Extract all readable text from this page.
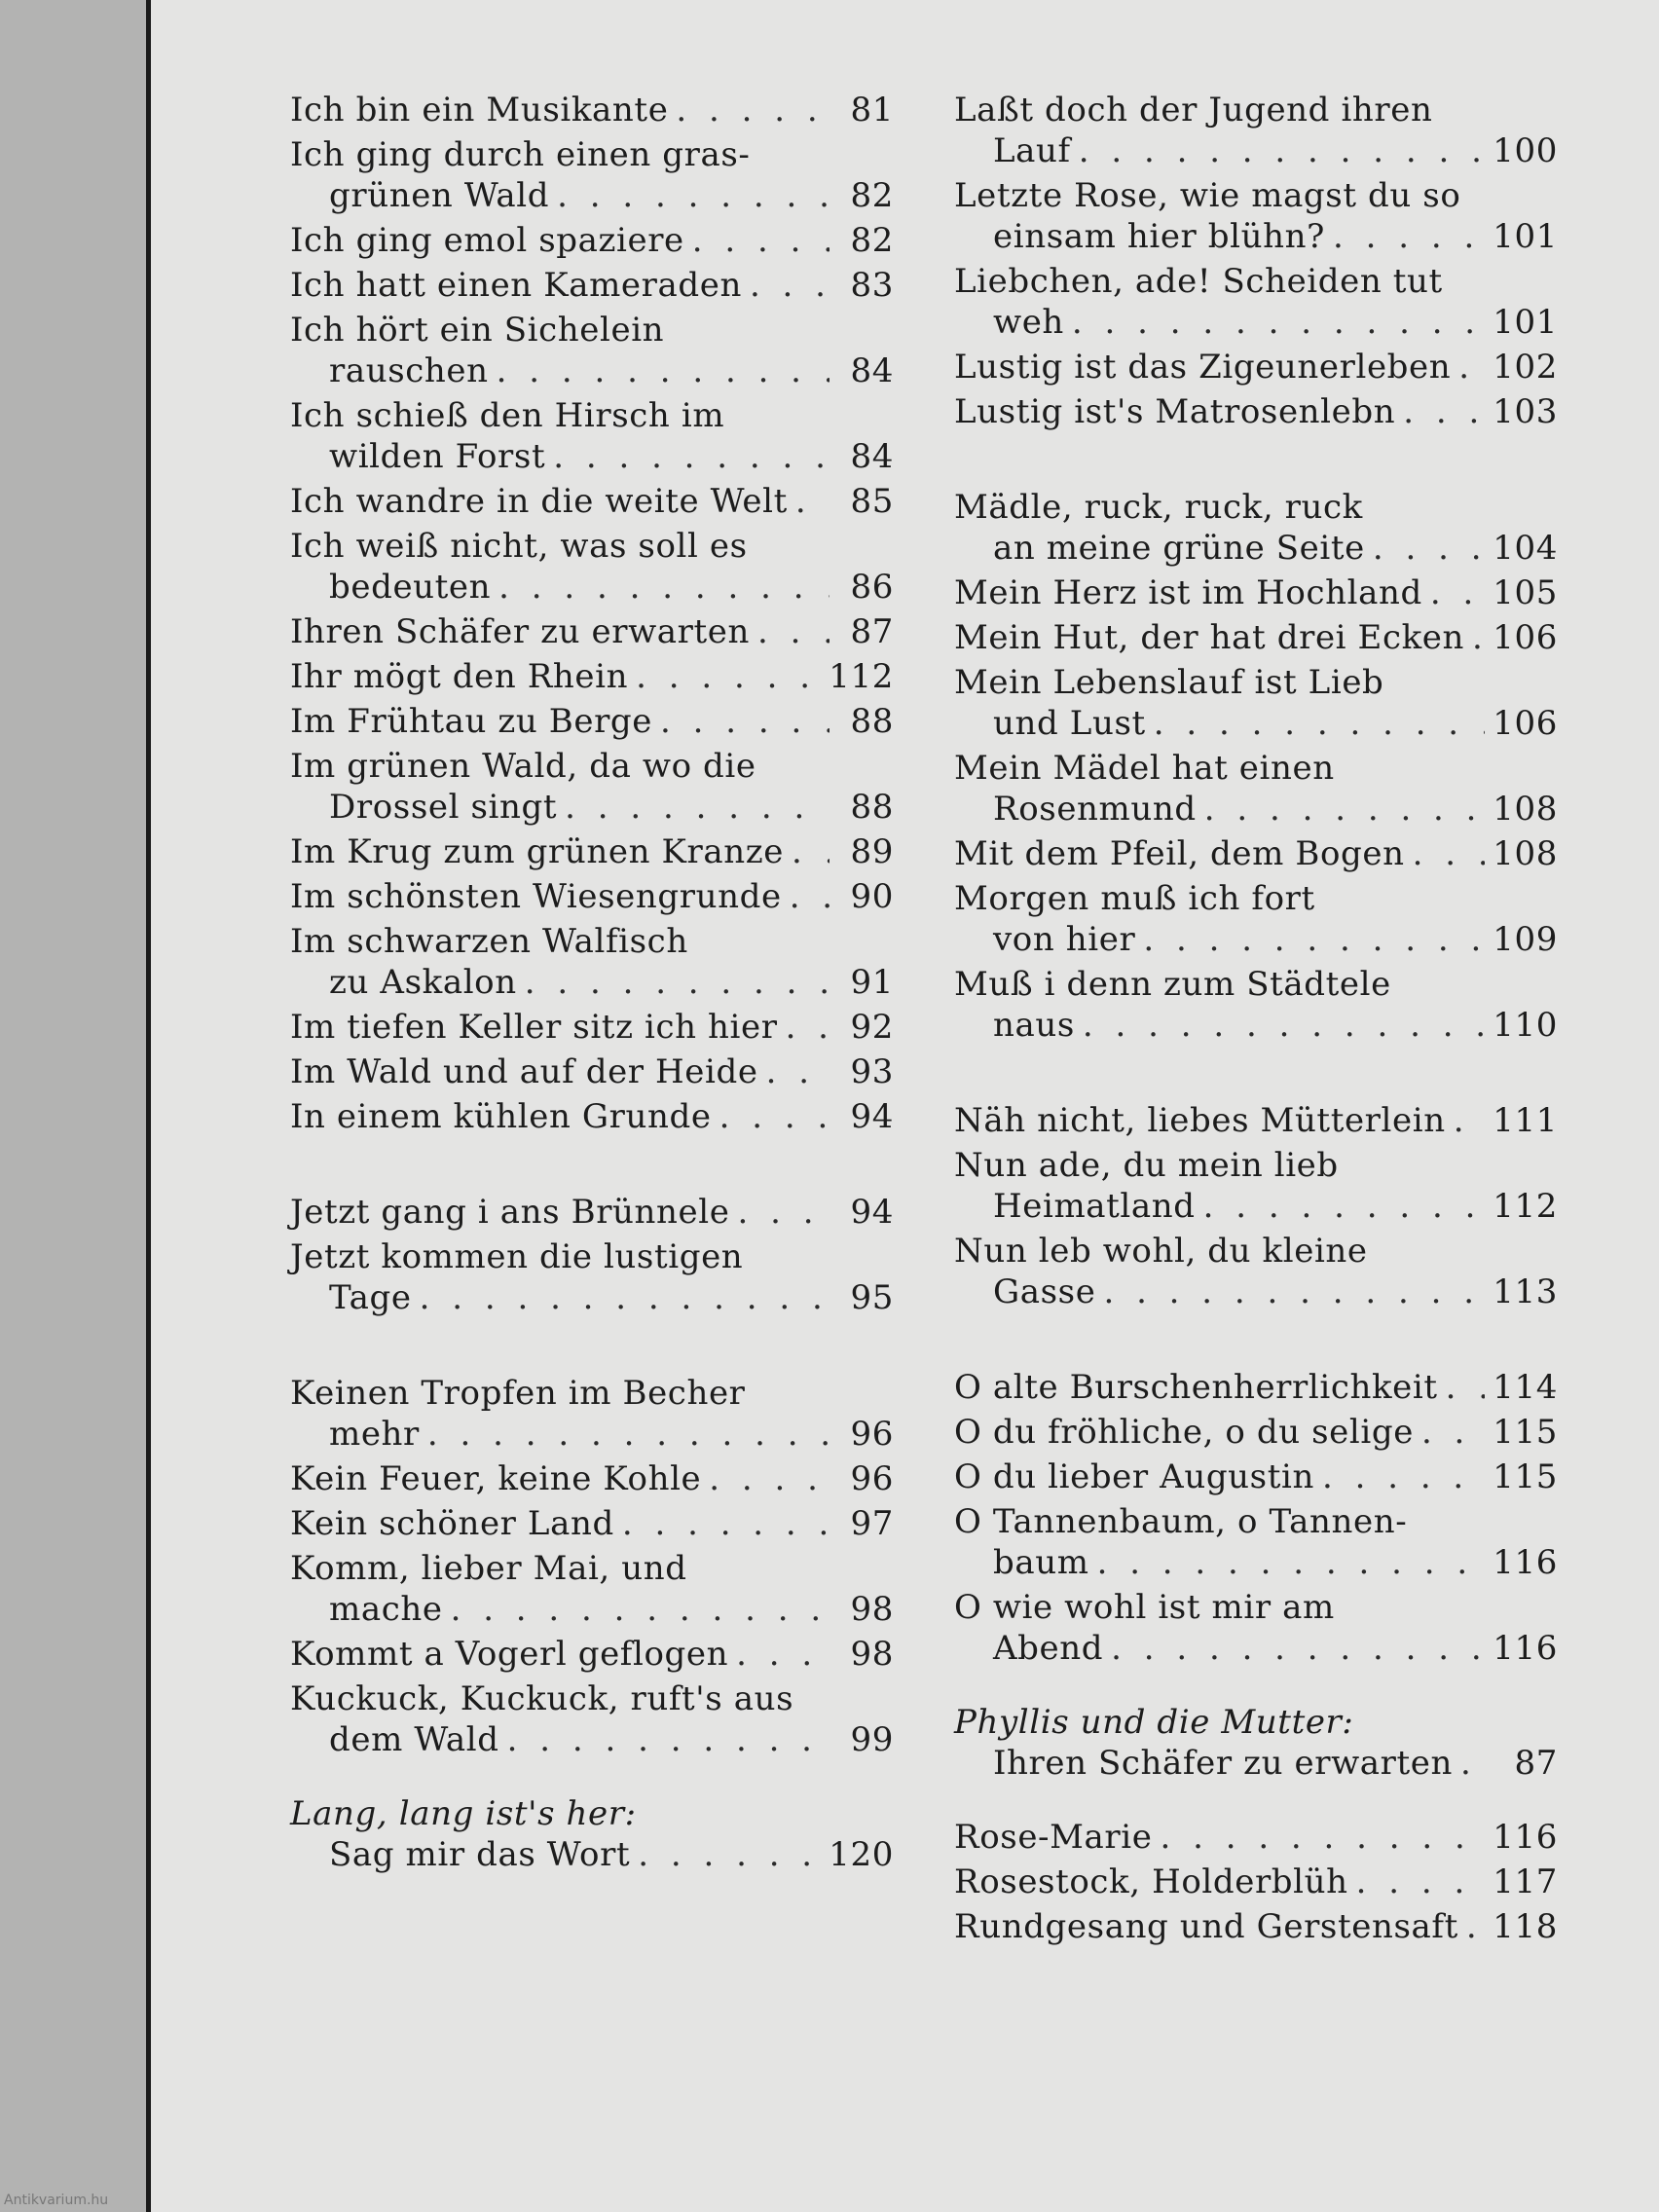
Antikvarium.hu
Ich bin ein Musikante . . .	81
Ich ging durch einen gras-
grünen Wald . . .	82
Ich ging emol spaziere . . .	82
Ich hatt einen Kameraden . . .	83
Ich hört ein Sichelein
rauschen . . .	84
Ich schieß den Hirsch im
wilden Forst . . .	84
Ich wandre in die weite Welt . . .	85
Ich weiß nicht, was soll es
bedeuten . . .	86
Ihren Schäfer zu erwarten . . .	87
Ihr mögt den Rhein . . .	112
Im Frühtau zu Berge . . .	88
Im grünen Wald, da wo die
Drossel singt . . .	88
Im Krug zum grünen Kranze . . .	89
Im schönsten Wiesengrunde . . .	90
Im schwarzen Walfisch
zu Askalon . . .	91
Im tiefen Keller sitz ich hier . . .	92
Im Wald und auf der Heide . . .	93
In einem kühlen Grunde . . .	94
Jetzt gang i ans Brünnele . . .	94
Jetzt kommen die lustigen
Tage . . .	95
Keinen Tropfen im Becher
mehr . . .	96
Kein Feuer, keine Kohle . . .	96
Kein schöner Land . . .	97
Komm, lieber Mai, und
mache . . .	98
Kommt a Vogerl geflogen . . .	98
Kuckuck, Kuckuck, ruft's aus
dem Wald . . .	99
Lang, lang ist's her:
Sag mir das Wort . . .	120
Laßt doch der Jugend ihren
Lauf . . .	100
Letzte Rose, wie magst du so
einsam hier blühn? . . .	101
Liebchen, ade! Scheiden tut
weh . . .	101
Lustig ist das Zigeunerleben . . . 102
Lustig ist's Matrosenlebn . . .	103
Mädle, ruck, ruck, ruck
an meine grüne Seite . . .	104
Mein Herz ist im Hochland . . . 105
Mein Hut, der hat drei Ecken . . . 106
Mein Lebenslauf ist Lieb
und Lust . . .	106
Mein Mädel hat einen
Rosenmund . . .	108
Mit dem Pfeil, dem Bogen . . .	108
Morgen muß ich fort
von hier . . .	109
Muß i denn zum Städtele
naus . . .	110
Näh nicht, liebes Mütterlein . . . 111
Nun ade, du mein lieb
Heimatland . . .	112
Nun leb wohl, du kleine
Gasse . . .	113
O alte Burschenherrlichkeit . . . 114
O du fröhliche, o du selige . . . 115
O du lieber Augustin . . .	115
O Tannenbaum, o Tannen-
baum . . .	116
O wie wohl ist mir am
Abend . . .	116
Phyllis und die Mutter:
Ihren Schäfer zu erwarten . . .	87
Rose-Marie . . .	116
Rosestock, Holderblüh . . .	117
Rundgesang und Gerstensaft . . . 118
